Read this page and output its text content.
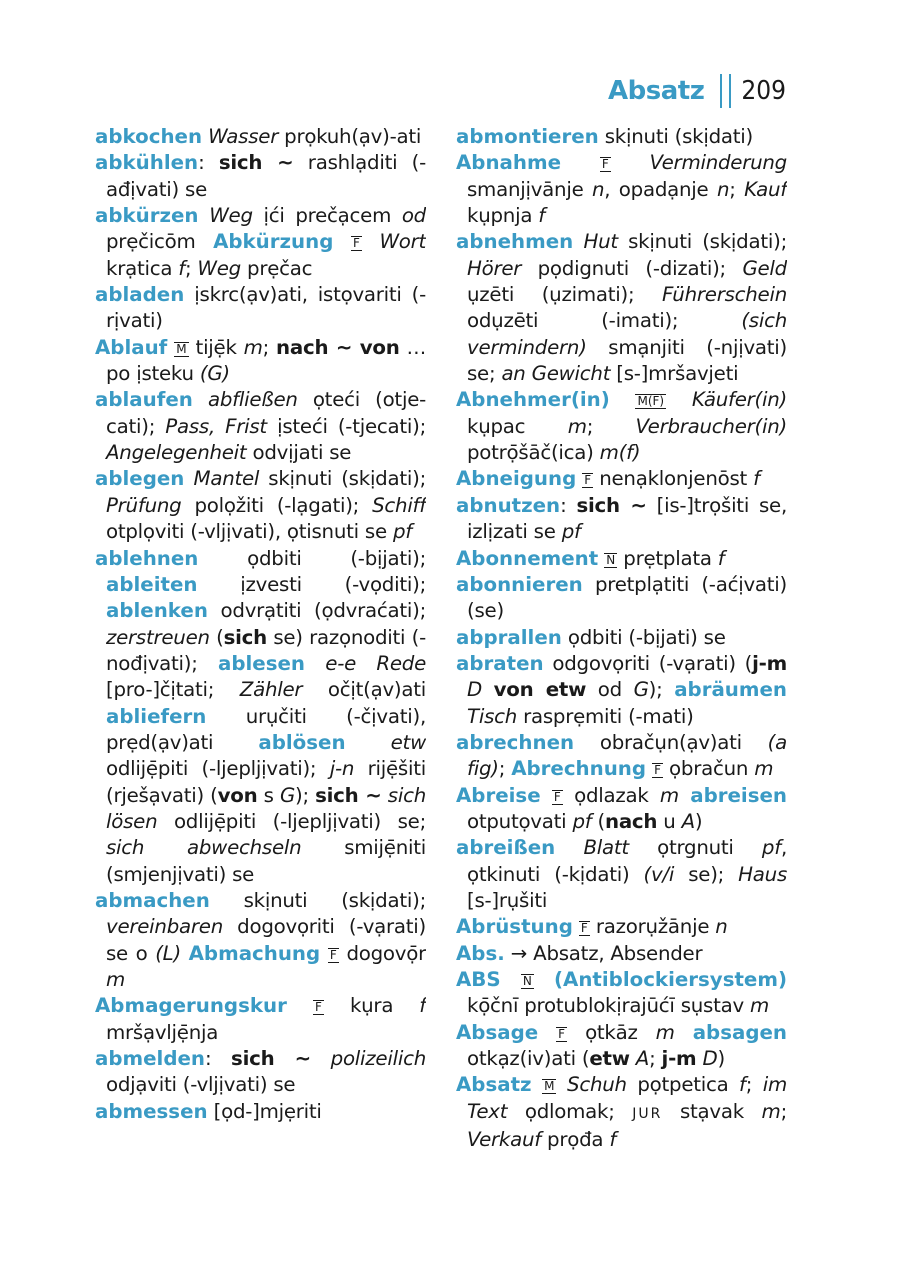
Absatz 209

abkochen Wasser prọkuh(ạv)-ati

abkühlen: sich ~ rashlạditi (-ađịvati) se

abkürzen Weg ịći prečạcem od prẹčicōm Abkürzung F Wort krạtica f; Weg prẹčac

abladen ịskrc(ạv)ati, istọvariti (-rịvati)

Ablauf M tijẹ̄k m; nach ~ von … po ịsteku (G)

ablaufen abfließen ọteći (otje-cati); Pass, Frist ịsteći (-tjecati); Angelegenheit odvịjati se

ablegen Mantel skịnuti (skịdati); Prüfung polọžiti (-lạgati); Schiff otplọviti (-vljịvati), ọtisnuti se pf

ablehnen ọdbiti (-bịjati); ableiten ịzvesti (-vọditi); ablenken odvrạtiti (ọdvraćati); zerstreuen (sich se) razọnoditi (-nođịvati); ablesen e-e Rede [pro-]čịtati; Zähler očịt(ạv)ati abliefern urụčiti (-čịvati), prẹd(ạv)ati ablösen etw odlijẹ̄piti (-ljepljịvati); j-n rijẹ̄šiti (rješạvati) (von s G); sich ~ sich lösen odlijẹ̄piti (-ljepljịvati) se; sich abwechseln smijẹ̄niti (smjenjịvati) se

abmachen skịnuti (skịdati); vereinbaren dogovọriti (-vạrati) se o (L) Abmachung F dogovọ̄r m

Abmagerungskur F kụra f mršạvljẹ̄nja

abmelden: sich ~ polizeilich odjạviti (-vljịvati) se

abmessen [ọd-]mjẹriti

abmontieren skịnuti (skịdati)

Abnahme	F Verminderung smanjịvānje n, opadạnje n; Kauf kụpnja f

abnehmen Hut skịnuti (skịdati); Hörer pọdignuti (-dizati); Geld ụzēti (ụzimati); Führerschein odụzēti (-imati); (sich vermindern) smạnjiti (-njịvati) se; an Gewicht [s-]mršavjeti

Abnehmer(in) M(F) Käufer(in) kụpac m; Verbraucher(in) potrọ̄šāč(ica) m(f)

Abneigung F nenạklonjenōst f

abnutzen: sich ~ [is-]trọšiti se, izlịzati se pf

Abonnement N prẹtplata f

abonnieren pretplạtiti (-aćịvati) (se)

abprallen ọdbiti (-bịjati) se

abraten odgovọriti (-vạrati) (j-m D von etw od G); abräumen Tisch rasprẹmiti (-mati)

abrechnen obračụn(ạv)ati (a fig); Abrechnung F ọbračun m

Abreise F ọdlazak m abreisen otputọvati pf (nach u A)

abreißen Blatt ọtrgnuti pf, ọtkinuti (-kịdati) (v/i se); Haus [s-]rụšiti

Abrüstung F razorụžānje n

Abs. → Absatz, Absender

ABS N (Antiblockiersystem) kọ̄čnī protublokịrajūćī sụstav m

Absage F ọtkāz m absagen otkạz(iv)ati (etw A; j-m D)

Absatz M Schuh pọtpetica f; im Text ọdlomak; JUR stạvak m; Verkauf prọđa f
